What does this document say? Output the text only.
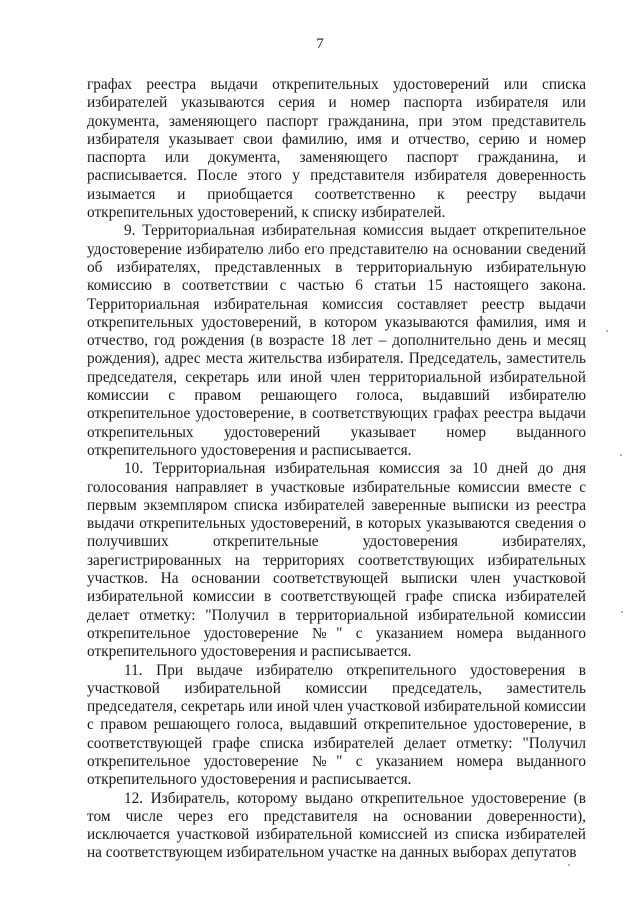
7

графах реестра выдачи открепительных удостоверений или списка избирателей указываются серия и номер паспорта избирателя или документа, заменяющего паспорт гражданина, при этом представитель избирателя указывает свои фамилию, имя и отчество, серию и номер паспорта или документа, заменяющего паспорт гражданина, и расписывается. После этого у представителя избирателя доверенность изымается и приобщается соответственно к реестру выдачи открепительных удостоверений, к списку избирателей.

9. Территориальная избирательная комиссия выдает открепительное удостоверение избирателю либо его представителю на основании сведений об избирателях, представленных в территориальную избирательную комиссию в соответствии с частью 6 статьи 15 настоящего закона. Территориальная избирательная комиссия составляет реестр выдачи открепительных удостоверений, в котором указываются фамилия, имя и отчество, год рождения (в возрасте 18 лет – дополнительно день и месяц рождения), адрес места жительства избирателя. Председатель, заместитель председателя, секретарь или иной член территориальной избирательной комиссии с правом решающего голоса, выдавший избирателю открепительное удостоверение, в соответствующих графах реестра выдачи открепительных удостоверений указывает номер выданного открепительного удостоверения и расписывается.

10. Территориальная избирательная комиссия за 10 дней до дня голосования направляет в участковые избирательные комиссии вместе с первым экземпляром списка избирателей заверенные выписки из реестра выдачи открепительных удостоверений, в которых указываются сведения о получивших открепительные удостоверения избирателях, зарегистрированных на территориях соответствующих избирательных участков. На основании соответствующей выписки член участковой избирательной комиссии в соответствующей графе списка избирателей делает отметку: "Получил в территориальной избирательной комиссии открепительное удостоверение №" с указанием номера выданного открепительного удостоверения и расписывается.

11. При выдаче избирателю открепительного удостоверения в участковой избирательной комиссии председатель, заместитель председателя, секретарь или иной член участковой избирательной комиссии с правом решающего голоса, выдавший открепительное удостоверение, в соответствующей графе списка избирателей делает отметку: "Получил открепительное удостоверение №" с указанием номера выданного открепительного удостоверения и расписывается.

12. Избиратель, которому выдано открепительное удостоверение (в том числе через его представителя на основании доверенности), исключается участковой избирательной комиссией из списка избирателей на соответствующем избирательном участке на данных выборах депутатов
